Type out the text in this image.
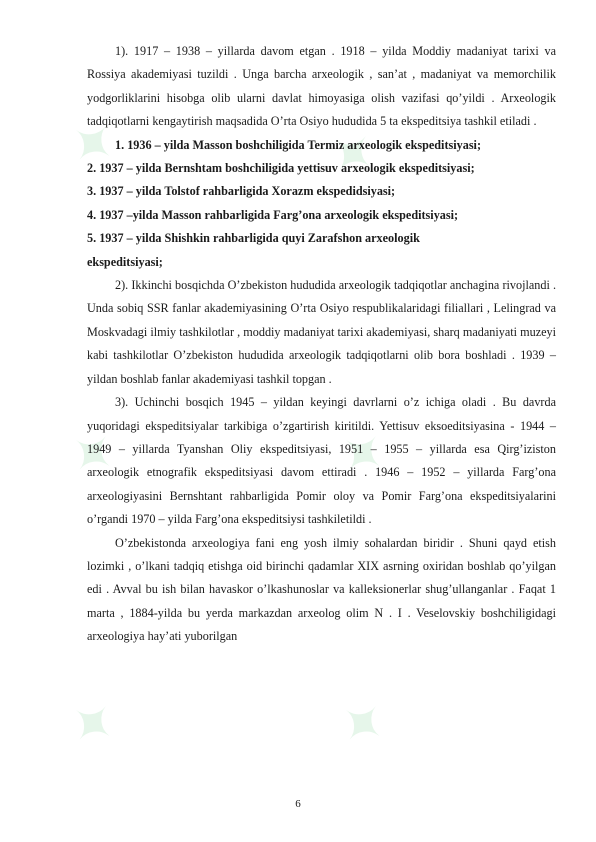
✦	✦
✦	✦
✦	✦

1). 1917 – 1938 – yillarda davom etgan . 1918 – yilda Moddiy madaniyat tarixi va Rossiya akademiyasi tuzildi . Unga barcha arxeologik , san’at , madaniyat va memorchilik yodgorliklarini hisobga olib ularni davlat himoyasiga olish vazifasi qo’yildi . Arxeologik tadqiqotlarni kengaytirish maqsadida O’rta Osiyo hududida 5 ta ekspeditsiya tashkil etiladi .

1. 1936 – yilda Masson boshchiligida Termiz arxeologik ekspeditsiyasi;
2. 1937 – yilda Bernshtam boshchiligida yettisuv arxeologik ekspeditsiyasi;
3. 1937 – yilda Tolstof rahbarligida Xorazm ekspedidsiyasi;
4. 1937 –yilda Masson rahbarligida Farg’ona arxeologik ekspeditsiyasi;
5. 1937 – yilda Shishkin rahbarligida quyi Zarafshon arxeologik
ekspeditsiyasi;

2). Ikkinchi bosqichda O’zbekiston hududida arxeologik tadqiqotlar anchagina rivojlandi . Unda sobiq SSR fanlar akademiyasining O’rta Osiyo respublikalaridagi filiallari , Lelingrad va Moskvadagi ilmiy tashkilotlar , moddiy madaniyat tarixi akademiyasi, sharq madaniyati muzeyi kabi tashkilotlar O’zbekiston hududida arxeologik tadqiqotlarni olib bora boshladi . 1939 – yildan boshlab fanlar akademiyasi tashkil topgan .

3). Uchinchi bosqich 1945 – yildan keyingi davrlarni o’z ichiga oladi . Bu davrda yuqoridagi ekspeditsiyalar tarkibiga o’zgartirish kiritildi. Yettisuv eksoeditsiyasina - 1944 – 1949 – yillarda Tyanshan Oliy ekspeditsiyasi, 1951 – 1955 – yillarda esa Qirg’iziston arxeologik etnografik ekspeditsiyasi davom ettiradi . 1946 – 1952 – yillarda Farg’ona arxeologiyasini Bernshtant rahbarligida Pomir oloy va Pomir Farg’ona ekspeditsiyalarini o’rgandi 1970 – yilda Farg’ona ekspeditsiysi tashkiletildi .

O’zbekistonda arxeologiya fani eng yosh ilmiy sohalardan biridir . Shuni qayd etish lozimki , o’lkani tadqiq etishga oid birinchi qadamlar XIX asrning oxiridan boshlab qo’yilgan edi . Avval bu ish bilan havaskor o’lkashunoslar va kalleksionerlar shug’ullanganlar . Faqat 1 marta , 1884-yilda bu yerda markazdan arxeolog olim N . I . Veselovskiy boshchiligidagi arxeologiya hay’ati yuborilgan

6
